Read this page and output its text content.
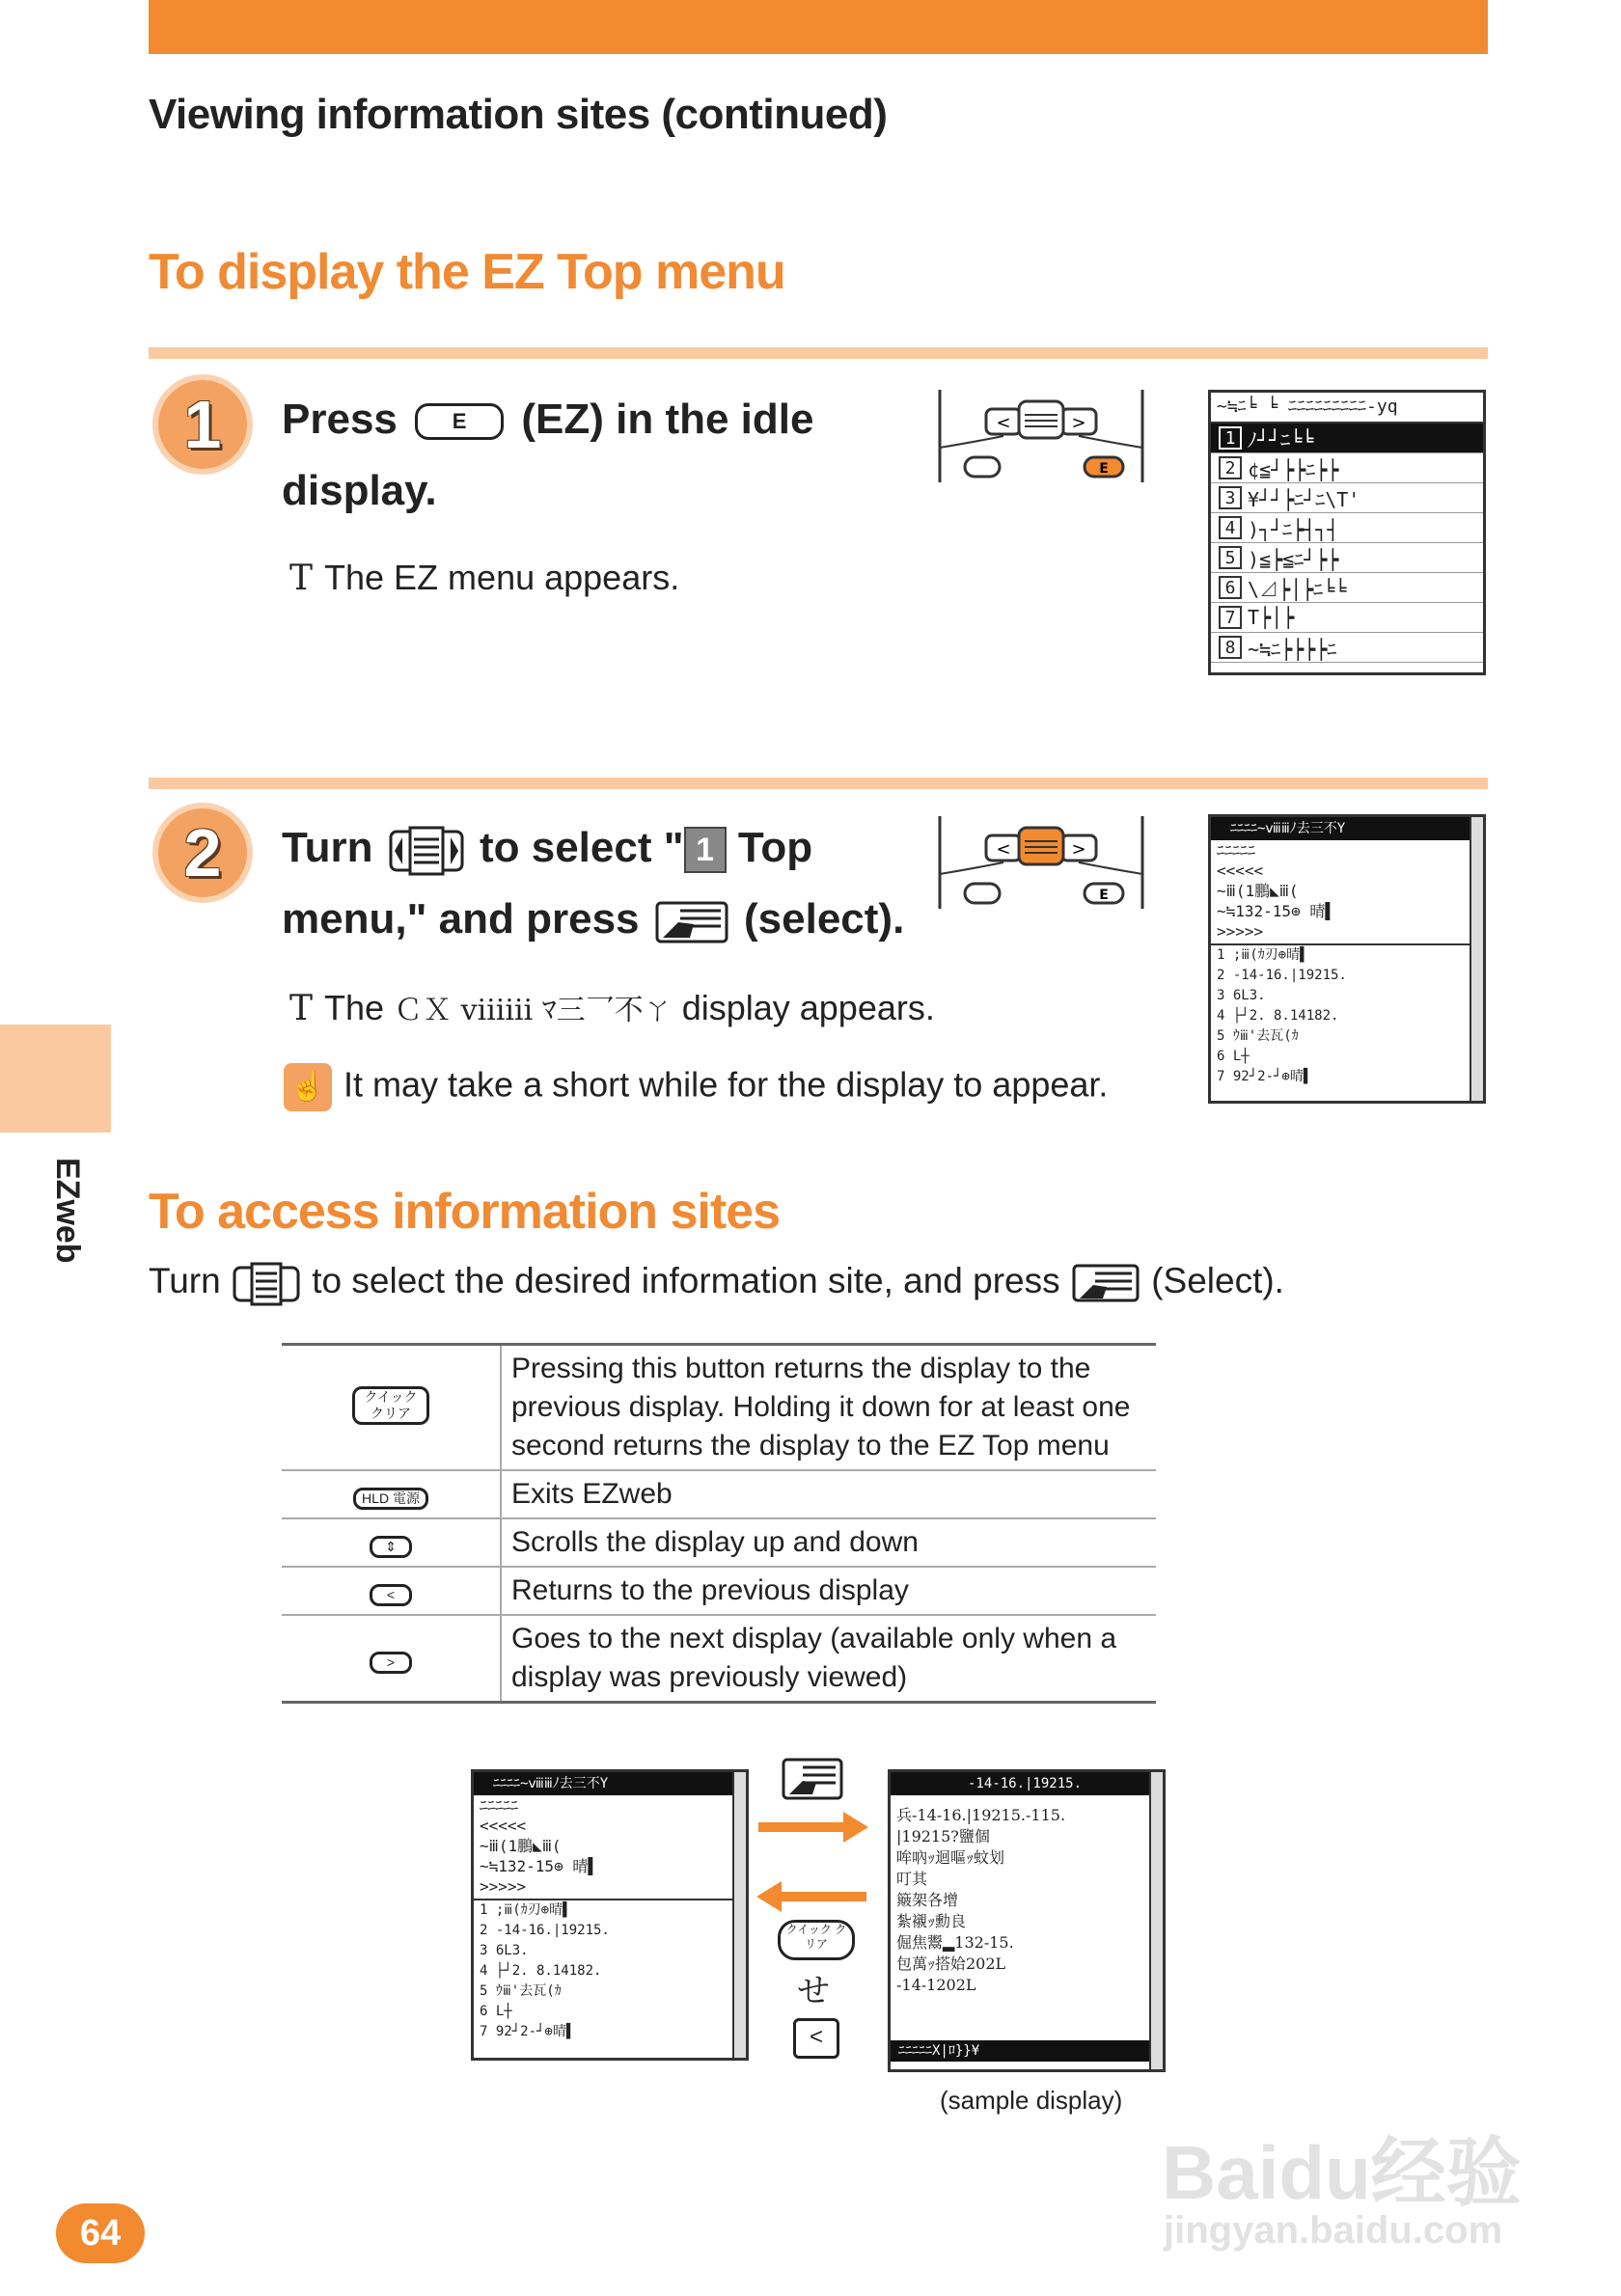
Viewing information sites (continued)
To display the EZ Top menu
1 Press	E (EZ) in the idle
display.
T The EZ menu appears.
<	>
E
~≒ﾆ╘ ╘ ﾆﾆﾆﾆﾆﾆﾆﾆﾆ-yq
1 ﾉ┘┘ﾆ╘╘
2 ¢≦┘┝┝ﾆ┝┝
3 ¥┘┘┝ﾆ┘ﾆ\T'
4 )┐┘ﾆ┝┤┐┤
5 )≦┝≦ﾆ┘┝┝
6 \⊿┝│┝ﾆ╘╘
7 T┝│┝
8 ~≒ﾆ┝┝┝┝ﾆ
2 Turn	to select " 1 Top
menu," and press (select).
T The ＣＸ ⅷⅲ ﾏ三乛不ㄚ display appears.
☝ It may take a short while for the display to appear.
<	>
E
ﾆﾆﾆﾆ~ⅷⅲﾉ去三不Y
ﾆﾆﾆﾆﾆ
<<<<<
~ⅲ(1鵬◣ⅲ(
~≒132-15⊕ 晴▌
>>>>>
1 ;ⅲ(ｶ刃⊕晴▌
2 -14-16.|19215.
3 6L3.
4 ├┘2. 8.14182.
5 ｳⅲ'去瓦(ｶ
6 L┼
7 92┘2-┘⊕晴▌
EZweb To access information sites
Turn	to select the desired information site, and press	(Select).
クイック クリア	Pressing this button returns the display to the previous display. Holding it down for at least one second returns the display to the EZ Top menu
HLD 電源	Exits EZweb
⇕	Scrolls the display up and down
<	Returns to the previous display
>	Goes to the next display (available only when a display was previously viewed)
ﾆﾆﾆﾆ~ⅷⅲﾉ去三不Y
ﾆﾆﾆﾆﾆ
<<<<<
~ⅲ(1鵬◣ⅲ(
~≒132-15⊕ 晴▌
>>>>>
1 ;ⅲ(ｶ刃⊕晴▌
2 -14-16.|19215.
3 6L3.
4 ├┘2. 8.14182.
5 ｳⅲ'去瓦(ｶ
6 L┼
7 92┘2-┘⊕晴▌
クイック クリア
せ
<
-14-16.|19215.
兵-14-16.|19215.-115.
|19215?鹽個
哞吶ｯ迴嘔ｯ蚊划
叮其
簸架各增
紮襯ｯ勳良
倔焦鬻▂132-15.
包萬ｯ搭姶202L
-14-1202L
ﾆﾆﾆﾆﾆX|ﾛ}}¥
(sample display)
64
Baidu经验
jingyan.baidu.com
